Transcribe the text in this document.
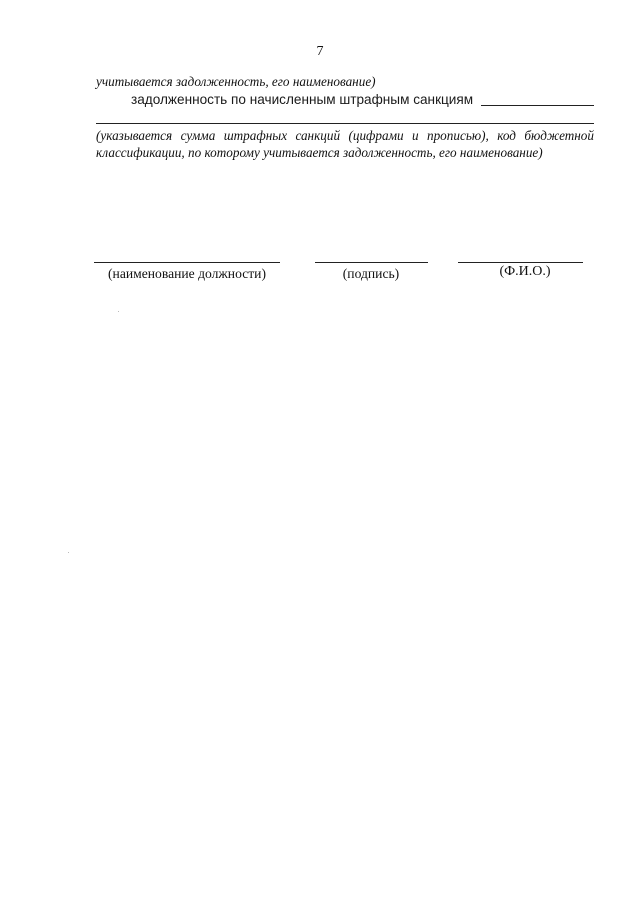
7
учитывается задолженность, его наименование)
задолженность по начисленным штрафным санкциям
(указывается сумма штрафных санкций (цифрами и прописью), код бюджетной классификации, по которому учитывается задолженность, его наименование)
(наименование должности)	(подпись)	(Ф.И.О.)
